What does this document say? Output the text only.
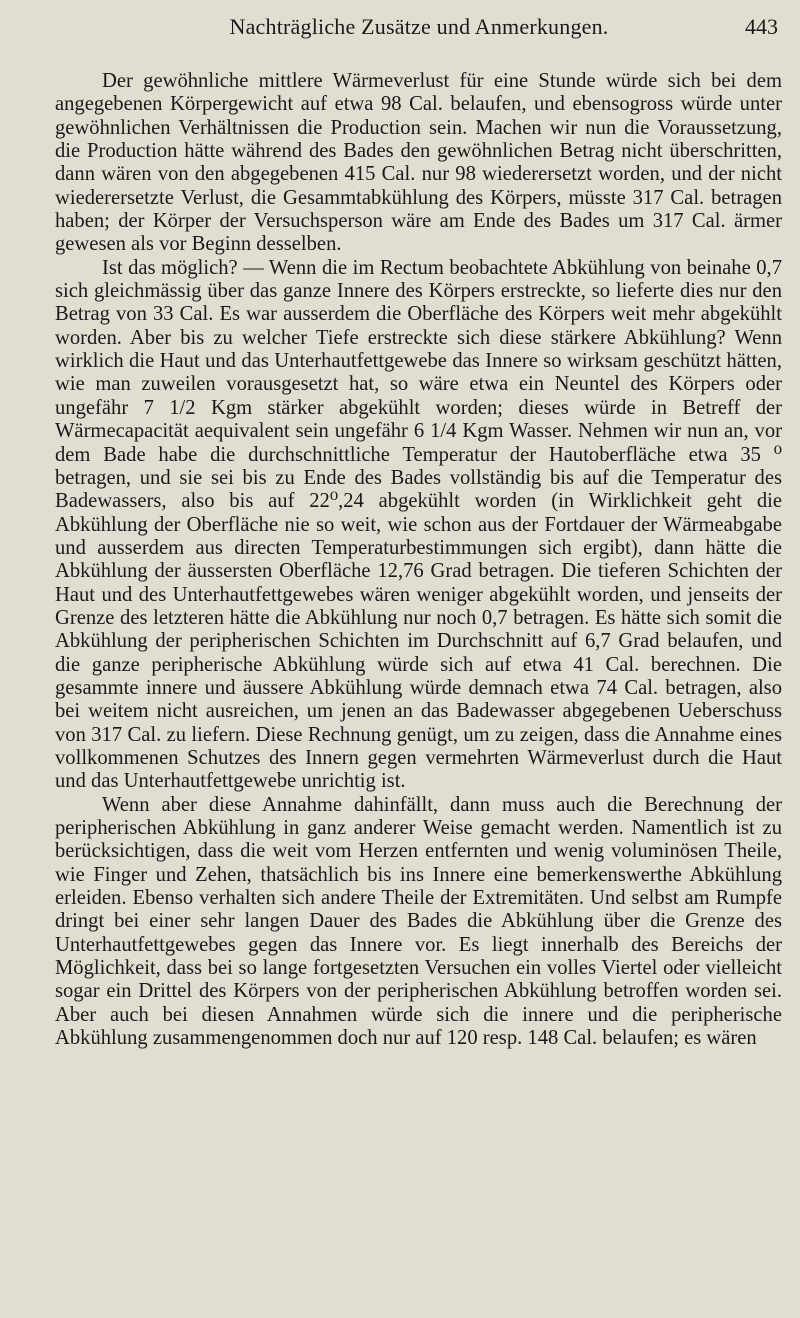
Nachträgliche Zusätze und Anmerkungen.	443

Der gewöhnliche mittlere Wärmeverlust für eine Stunde würde sich bei dem angegebenen Körpergewicht auf etwa 98 Cal. belaufen, und ebensogross würde unter gewöhnlichen Verhältnissen die Production sein. Machen wir nun die Voraussetzung, die Production hätte während des Bades den gewöhnlichen Betrag nicht überschritten, dann wären von den abgegebenen 415 Cal. nur 98 wiederersetzt worden, und der nicht wiederersetzte Verlust, die Gesammtabkühlung des Körpers, müsste 317 Cal. betragen haben; der Körper der Versuchsperson wäre am Ende des Bades um 317 Cal. ärmer gewesen als vor Beginn desselben.

Ist das möglich? — Wenn die im Rectum beobachtete Abkühlung von beinahe 0,7 sich gleichmässig über das ganze Innere des Körpers erstreckte, so lieferte dies nur den Betrag von 33 Cal. Es war ausserdem die Oberfläche des Körpers weit mehr abgekühlt worden. Aber bis zu welcher Tiefe erstreckte sich diese stärkere Abkühlung? Wenn wirklich die Haut und das Unterhautfettgewebe das Innere so wirksam geschützt hätten, wie man zuweilen vorausgesetzt hat, so wäre etwa ein Neuntel des Körpers oder ungefähr 7 1/2 Kgm stärker abgekühlt worden; dieses würde in Betreff der Wärmecapacität aequivalent sein ungefähr 6 1/4 Kgm Wasser. Nehmen wir nun an, vor dem Bade habe die durchschnittliche Temperatur der Hautoberfläche etwa 35 ⁰ betragen, und sie sei bis zu Ende des Bades vollständig bis auf die Temperatur des Badewassers, also bis auf 22⁰,24 abgekühlt worden (in Wirklichkeit geht die Abkühlung der Oberfläche nie so weit, wie schon aus der Fortdauer der Wärmeabgabe und ausserdem aus directen Temperaturbestimmungen sich ergibt), dann hätte die Abkühlung der äussersten Oberfläche 12,76 Grad betragen. Die tieferen Schichten der Haut und des Unterhautfettgewebes wären weniger abgekühlt worden, und jenseits der Grenze des letzteren hätte die Abkühlung nur noch 0,7 betragen. Es hätte sich somit die Abkühlung der peripherischen Schichten im Durchschnitt auf 6,7 Grad belaufen, und die ganze peripherische Abkühlung würde sich auf etwa 41 Cal. berechnen. Die gesammte innere und äussere Abkühlung würde demnach etwa 74 Cal. betragen, also bei weitem nicht ausreichen, um jenen an das Badewasser abgegebenen Ueberschuss von 317 Cal. zu liefern. Diese Rechnung genügt, um zu zeigen, dass die Annahme eines vollkommenen Schutzes des Innern gegen vermehrten Wärmeverlust durch die Haut und das Unterhautfettgewebe unrichtig ist.

Wenn aber diese Annahme dahinfällt, dann muss auch die Berechnung der peripherischen Abkühlung in ganz anderer Weise gemacht werden. Namentlich ist zu berücksichtigen, dass die weit vom Herzen entfernten und wenig voluminösen Theile, wie Finger und Zehen, thatsächlich bis ins Innere eine bemerkenswerthe Abkühlung erleiden. Ebenso verhalten sich andere Theile der Extremitäten. Und selbst am Rumpfe dringt bei einer sehr langen Dauer des Bades die Abkühlung über die Grenze des Unterhautfettgewebes gegen das Innere vor. Es liegt innerhalb des Bereichs der Möglichkeit, dass bei so lange fortgesetzten Versuchen ein volles Viertel oder vielleicht sogar ein Drittel des Körpers von der peripherischen Abkühlung betroffen worden sei. Aber auch bei diesen Annahmen würde sich die innere und die peripherische Abkühlung zusammengenommen doch nur auf 120 resp. 148 Cal. belaufen; es wären
